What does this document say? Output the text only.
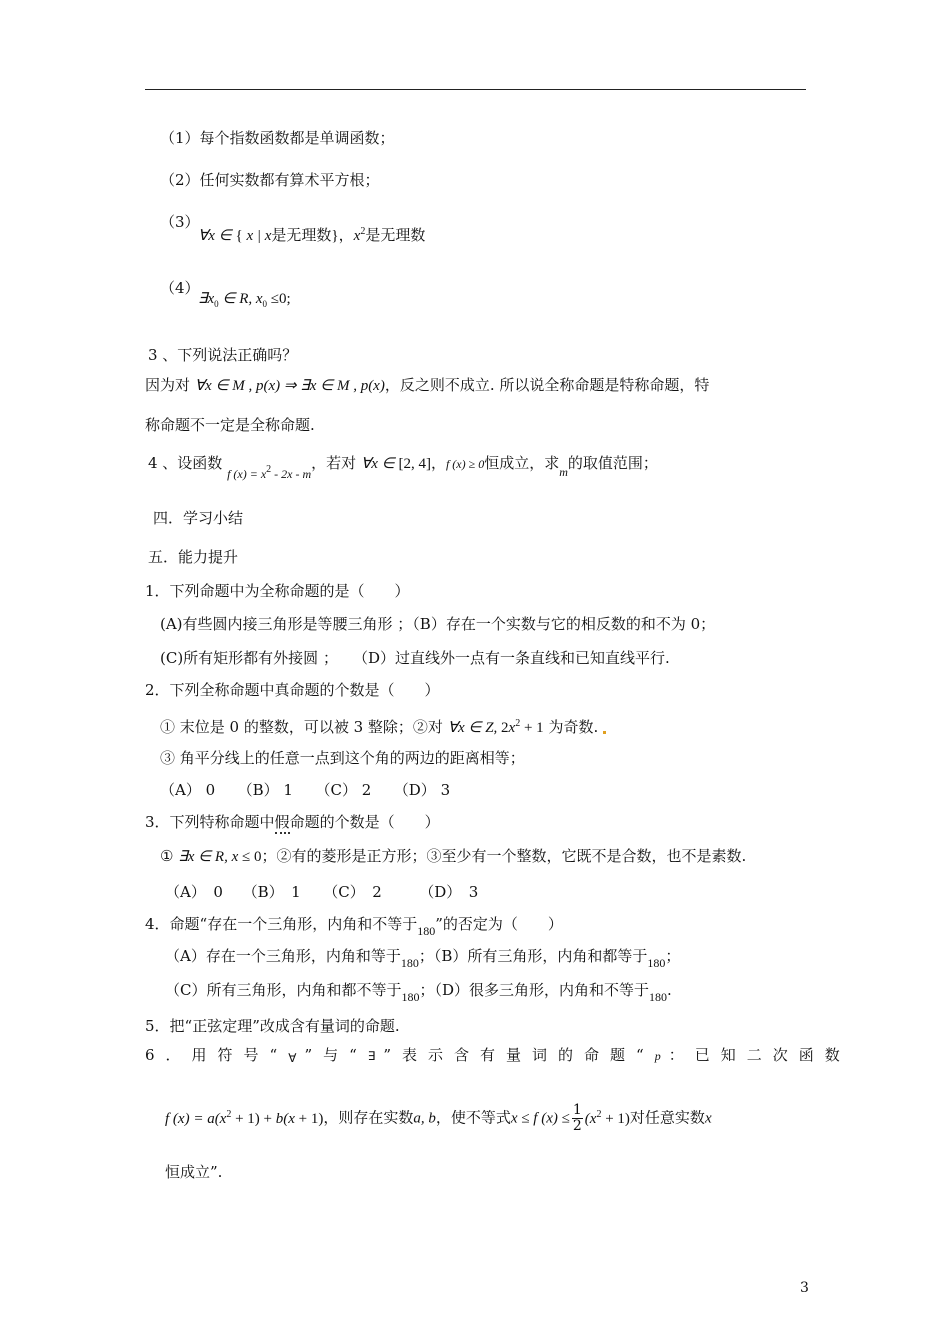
（1）每个指数函数都是单调函数；
（2）任何实数都有算术平方根；
（3）
∀x ∈ { x | x是无理数}，$x^2$是无理数
（4）
$\exists x_0$ ∈ R, $x_0 \le 0$;
3 、下列说法正确吗？
因为对 ∀x ∈ M , p(x) ⇒ ∃x ∈ M , p(x)，反之则不成立. 所以说全称命题是特称命题，特
称命题不一定是全称命题.
4 、设函数 $_{f (x) = x^2 - 2x - m}$，若对 ∀x ∈ [2, 4]，f (x) ≥ 0恒成立，求$_m$的取值范围；
四．学习小结
五．能力提升
1．下列命题中为全称命题的是（　　）
(A)有些圆内接三角形是等腰三角形 ；（B）存在一个实数与它的相反数的和不为 0；
(C)所有矩形都有外接圆 ；　　（D）过直线外一点有一条直线和已知直线平行.
2．下列全称命题中真命题的个数是（　　）
① 末位是 0 的整数，可以被 3 整除；②对 ∀x ∈ Z, $2x^2 + 1$ 为奇数.
③ 角平分线上的任意一点到这个角的两边的距离相等；
（A） 0　　（B） 1　　（C） 2　　（D） 3
3．下列特称命题中假命题的个数是（　　）
① ∃x ∈ R, x ≤ 0；②有的菱形是正方形；③至少有一个整数，它既不是合数，也不是素数.
（A）　0　 （B）　1　　（C）　2　　　（D）　3
4．命题“存在一个三角形，内角和不等于$_{180}$”的否定为（　　）
（A）存在一个三角形，内角和等于$_{180}$；（B）所有三角形，内角和都等于$_{180}$；
（C）所有三角形，内角和都不等于$_{180}$；（D）很多三角形，内角和不等于$_{180}$.
5．把“正弦定理”改成含有量词的命题.
6．用符号“∀ ”与“∃ ”表示含有量词的命题“p ：已知二次函数
f $(x) = a(x^2 + 1) + b(x + 1)$，则存在实数a, b，使不等式x ≤ f $(x) \le \frac{1}{2} (x^2 + 1)$对任意实数x
恒成立”.
3
